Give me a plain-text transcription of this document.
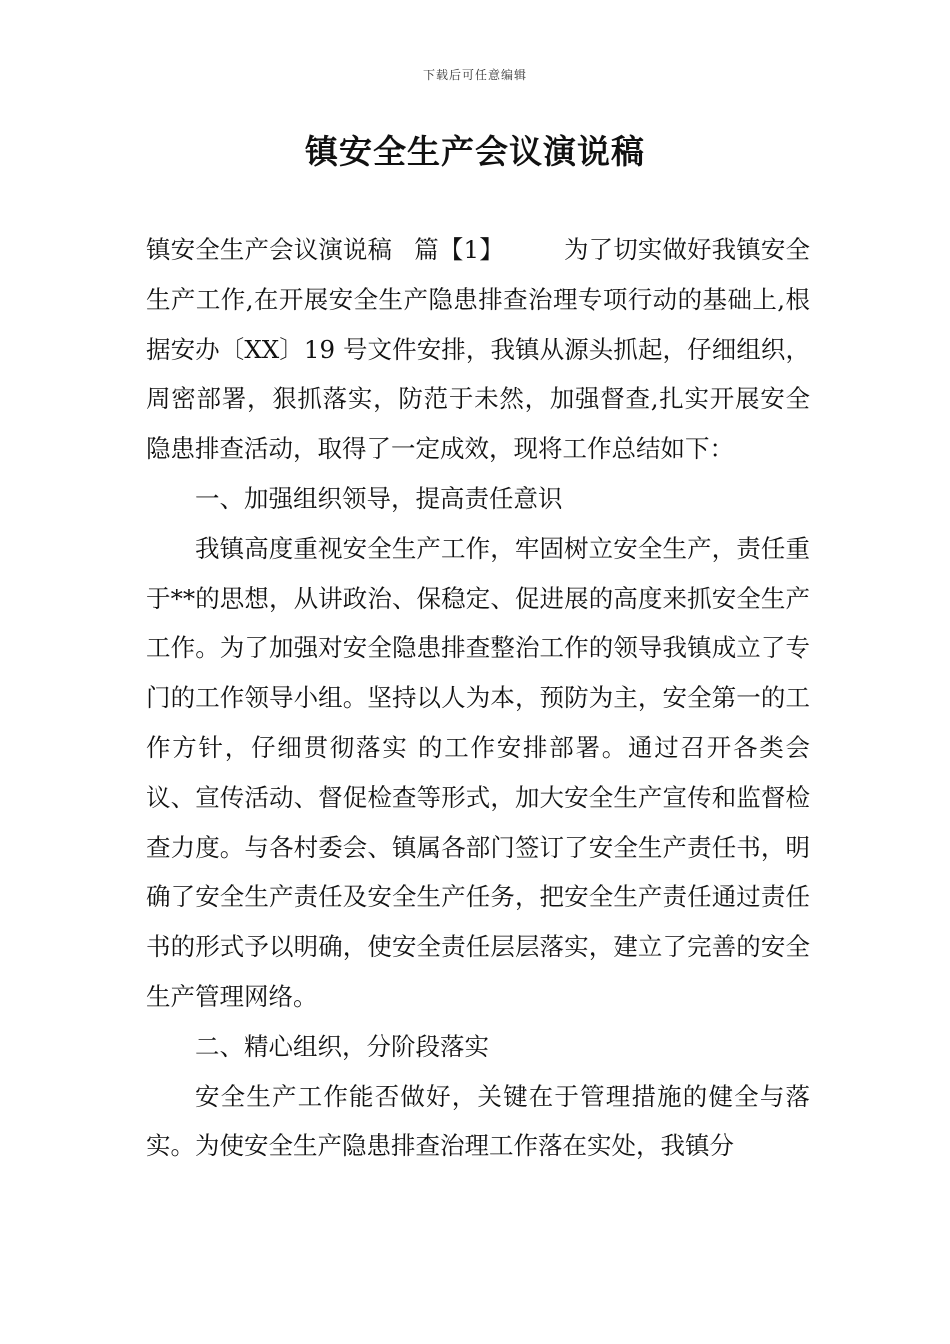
下载后可任意编辑
镇安全生产会议演说稿

镇安全生产会议演说稿 篇【1】 为了切实做好我镇安全生产工作,在开展安全生产隐患排查治理专项行动的基础上,根据安办〔XX〕19 号文件安排，我镇从源头抓起，仔细组织，周密部署，狠抓落实，防范于未然，加强督查,扎实开展安全隐患排查活动，取得了一定成效，现将工作总结如下：

一、加强组织领导，提高责任意识

我镇高度重视安全生产工作，牢固树立安全生产，责任重于**的思想，从讲政治、保稳定、促进展的高度来抓安全生产工作。为了加强对安全隐患排查整治工作的领导我镇成立了专门的工作领导小组。坚持以人为本，预防为主，安全第一的工作方针，仔细贯彻落实 的工作安排部署。通过召开各类会议、宣传活动、督促检查等形式，加大安全生产宣传和监督检查力度。与各村委会、镇属各部门签订了安全生产责任书，明确了安全生产责任及安全生产任务，把安全生产责任通过责任书的形式予以明确，使安全责任层层落实，建立了完善的安全生产管理网络。

二、精心组织，分阶段落实

安全生产工作能否做好，关键在于管理措施的健全与落实。为使安全生产隐患排查治理工作落在实处，我镇分
